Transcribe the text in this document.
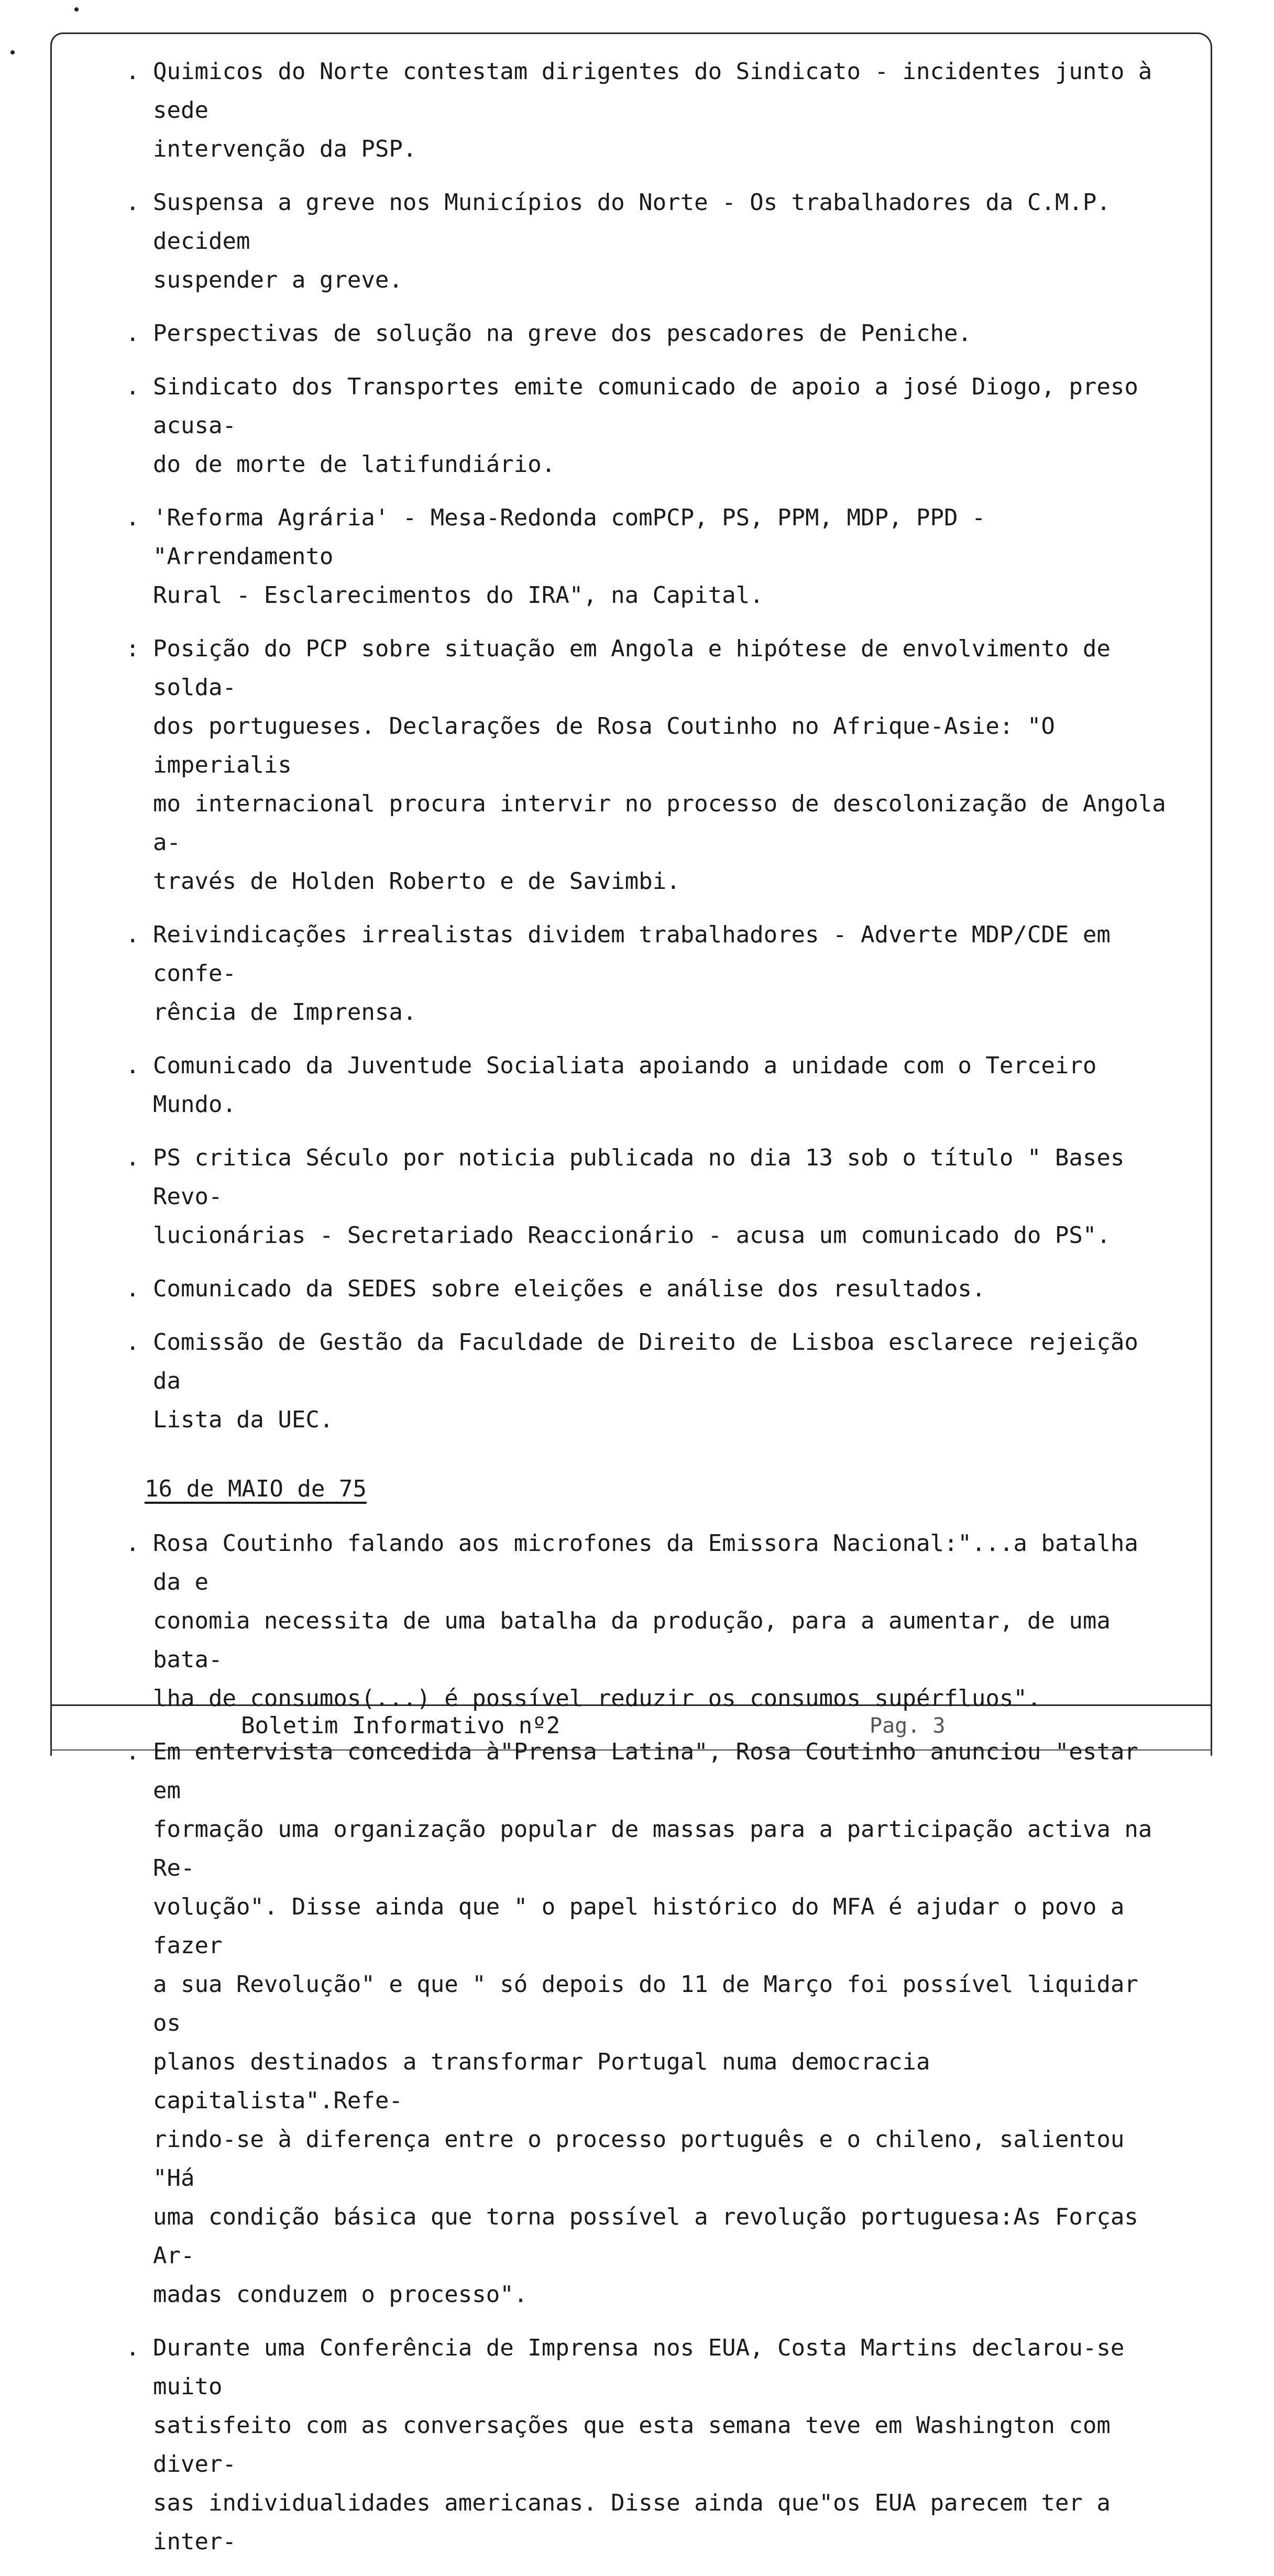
. Quimicos do Norte contestam dirigentes do Sindicato - incidentes junto à sede
intervenção da PSP.
. Suspensa a greve nos Municípios do Norte - Os trabalhadores da C.M.P. decidem
suspender a greve.
. Perspectivas de solução na greve dos pescadores de Peniche.
. Sindicato dos Transportes emite comunicado de apoio a josé Diogo, preso acusa-
do de morte de latifundiário.
. 'Reforma Agrária' - Mesa-Redonda comPCP, PS, PPM, MDP, PPD - "Arrendamento
Rural - Esclarecimentos do IRA", na Capital.
: Posição do PCP sobre situação em Angola e hipótese de envolvimento de solda-
dos portugueses. Declarações de Rosa Coutinho no Afrique-Asie: "O imperialis
mo internacional procura intervir no processo de descolonização de Angola a-
través de Holden Roberto e de Savimbi.
. Reivindicações irrealistas dividem trabalhadores - Adverte MDP/CDE em confe-
rência de Imprensa.
. Comunicado da Juventude Socialiata apoiando a unidade com o Terceiro Mundo.
. PS critica Século por noticia publicada no dia 13 sob o título " Bases Revo-
lucionárias - Secretariado Reaccionário - acusa um comunicado do PS".
. Comunicado da SEDES sobre eleições e análise dos resultados.
. Comissão de Gestão da Faculdade de Direito de Lisboa esclarece rejeição da
Lista da UEC.
16 de MAIO de 75
. Rosa Coutinho falando aos microfones da Emissora Nacional:"...a batalha da e
conomia necessita de uma batalha da produção, para a aumentar, de uma bata-
lha de consumos(...) é possível reduzir os consumos supérfluos".
. Em entervista concedida à"Prensa Latina", Rosa Coutinho anunciou "estar em
formação uma organização popular de massas para a participação activa na Re-
volução". Disse ainda que " o papel histórico do MFA é ajudar o povo a fazer
a sua Revolução" e que " só depois do 11 de Março foi possível liquidar os
planos destinados a transformar Portugal numa democracia capitalista".Refe-
rindo-se à diferença entre o processo português e o chileno, salientou "Há
uma condição básica que torna possível a revolução portuguesa:As Forças Ar-
madas conduzem o processo".
. Durante uma Conferência de Imprensa nos EUA, Costa Martins declarou-se muito
satisfeito com as conversações que esta semana teve em Washington com diver-
sas individualidades americanas. Disse ainda que"os EUA parecem ter a inter-
Boletim Informativo nº2	Pag. 3
